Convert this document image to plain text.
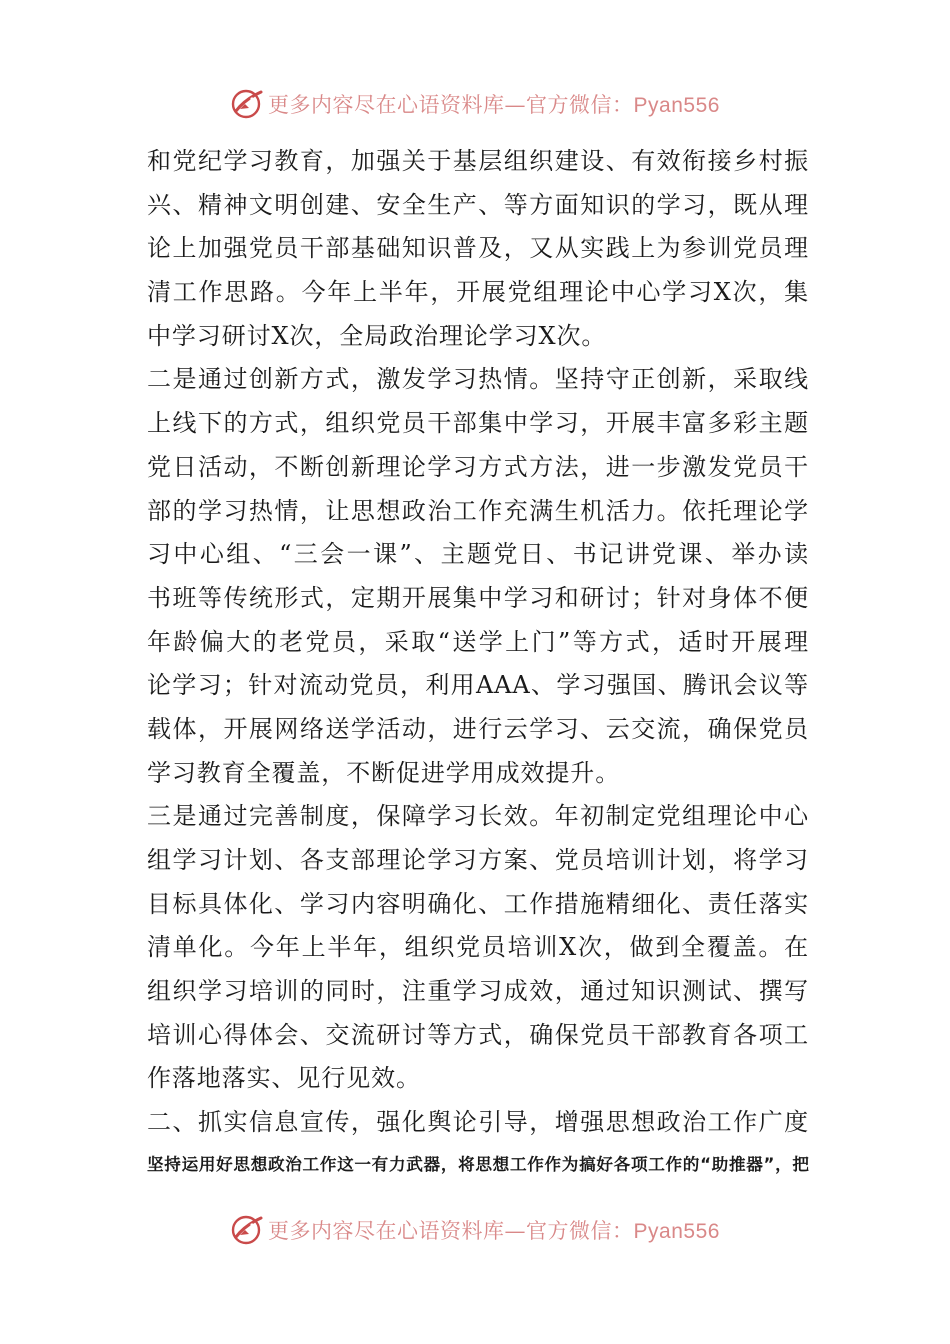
更多内容尽在心语资料库—官方微信：Pyan556
和党纪学习教育，加强关于基层组织建设、有效衔接乡村振
兴、精神文明创建、安全生产、等方面知识的学习，既从理
论上加强党员干部基础知识普及，又从实践上为参训党员理
清工作思路。今年上半年，开展党组理论中心学习X次，集
中学习研讨X次，全局政治理论学习X次。
二是通过创新方式，激发学习热情。坚持守正创新，采取线
上线下的方式，组织党员干部集中学习，开展丰富多彩主题
党日活动，不断创新理论学习方式方法，进一步激发党员干
部的学习热情，让思想政治工作充满生机活力。依托理论学
习中心组、“三会一课”、主题党日、书记讲党课、举办读
书班等传统形式，定期开展集中学习和研讨；针对身体不便
年龄偏大的老党员，采取“送学上门”等方式，适时开展理
论学习；针对流动党员，利用AAA、学习强国、腾讯会议等
载体，开展网络送学活动，进行云学习、云交流，确保党员
学习教育全覆盖，不断促进学用成效提升。
三是通过完善制度，保障学习长效。年初制定党组理论中心
组学习计划、各支部理论学习方案、党员培训计划，将学习
目标具体化、学习内容明确化、工作措施精细化、责任落实
清单化。今年上半年，组织党员培训X次，做到全覆盖。在
组织学习培训的同时，注重学习成效，通过知识测试、撰写
培训心得体会、交流研讨等方式，确保党员干部教育各项工
作落地落实、见行见效。
二、抓实信息宣传，强化舆论引导，增强思想政治工作广度
坚持运用好思想政治工作这一有力武器，将思想工作作为搞好各项工作的“助推器”，把
更多内容尽在心语资料库—官方微信：Pyan556
